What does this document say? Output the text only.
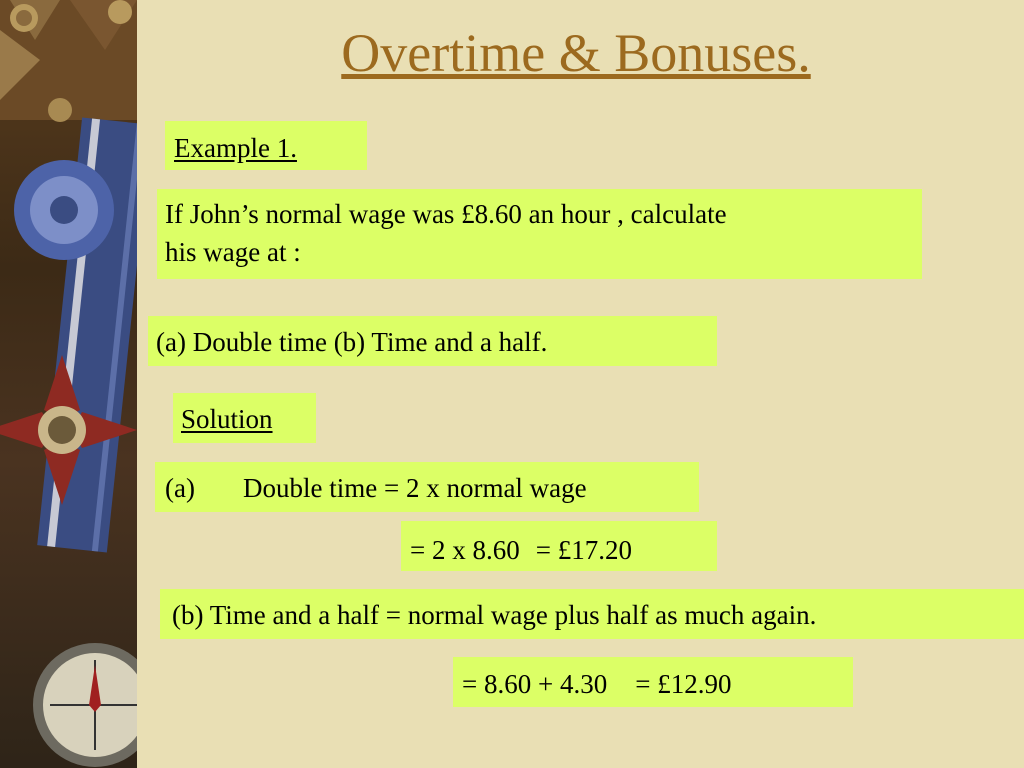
Overtime & Bonuses.
Example 1.
If John’s normal wage was £8.60 an hour , calculate
his wage at :
(a) Double time (b) Time and a half.
Solution
(a) Double time = 2 x normal wage
= 2 x 8.60 = £17.20
(b) Time and a half = normal wage plus half as much again.
= 8.60 + 4.30 = £12.90
